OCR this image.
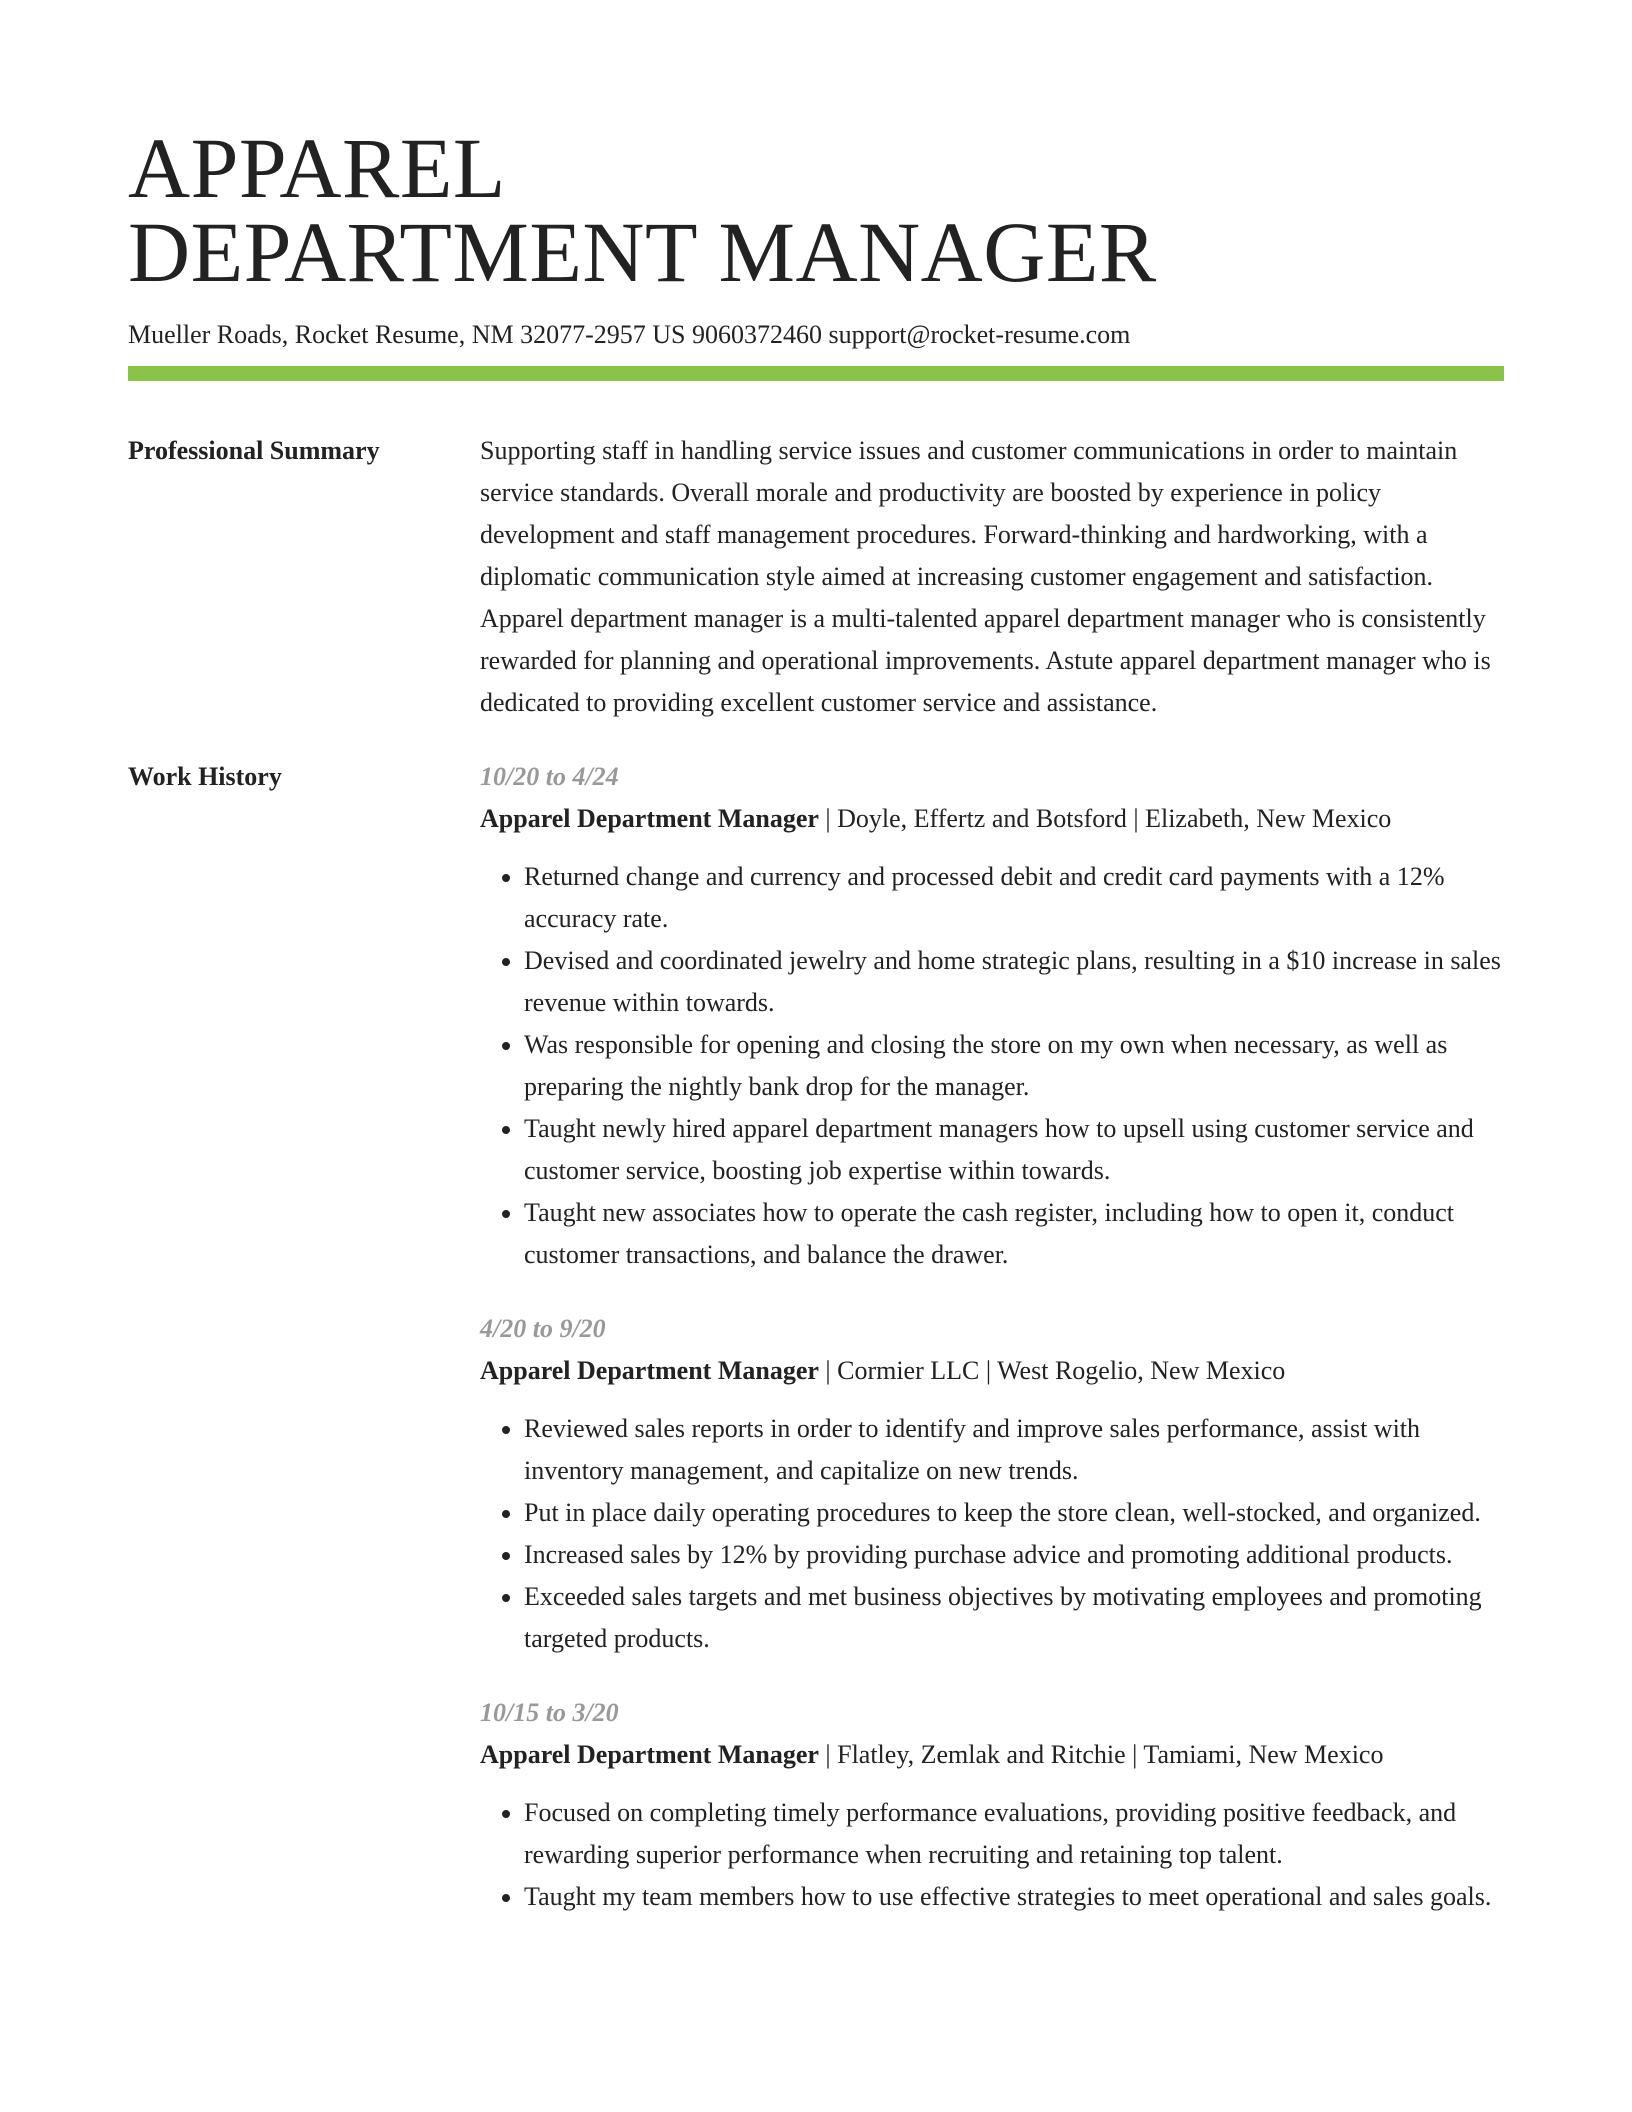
APPAREL
DEPARTMENT MANAGER
Mueller Roads, Rocket Resume, NM 32077-2957 US 9060372460 support@rocket-resume.com
Professional Summary	Supporting staff in handling service issues and customer communications in order to maintain service standards. Overall morale and productivity are boosted by experience in policy development and staff management procedures. Forward-thinking and hardworking, with a diplomatic communication style aimed at increasing customer engagement and satisfaction. Apparel department manager is a multi-talented apparel department manager who is consistently rewarded for planning and operational improvements. Astute apparel department manager who is dedicated to providing excellent customer service and assistance.

Work History	10/20 to 4/24
Apparel Department Manager | Doyle, Effertz and Botsford | Elizabeth, New Mexico
• Returned change and currency and processed debit and credit card payments with a 12% accuracy rate.
• Devised and coordinated jewelry and home strategic plans, resulting in a $10 increase in sales revenue within towards.
• Was responsible for opening and closing the store on my own when necessary, as well as preparing the nightly bank drop for the manager.
• Taught newly hired apparel department managers how to upsell using customer service and customer service, boosting job expertise within towards.
• Taught new associates how to operate the cash register, including how to open it, conduct customer transactions, and balance the drawer.
4/20 to 9/20
Apparel Department Manager | Cormier LLC | West Rogelio, New Mexico
• Reviewed sales reports in order to identify and improve sales performance, assist with inventory management, and capitalize on new trends.
• Put in place daily operating procedures to keep the store clean, well-stocked, and organized.
• Increased sales by 12% by providing purchase advice and promoting additional products.
• Exceeded sales targets and met business objectives by motivating employees and promoting targeted products.
10/15 to 3/20
Apparel Department Manager | Flatley, Zemlak and Ritchie | Tamiami, New Mexico
• Focused on completing timely performance evaluations, providing positive feedback, and rewarding superior performance when recruiting and retaining top talent.
• Taught my team members how to use effective strategies to meet operational and sales goals.
